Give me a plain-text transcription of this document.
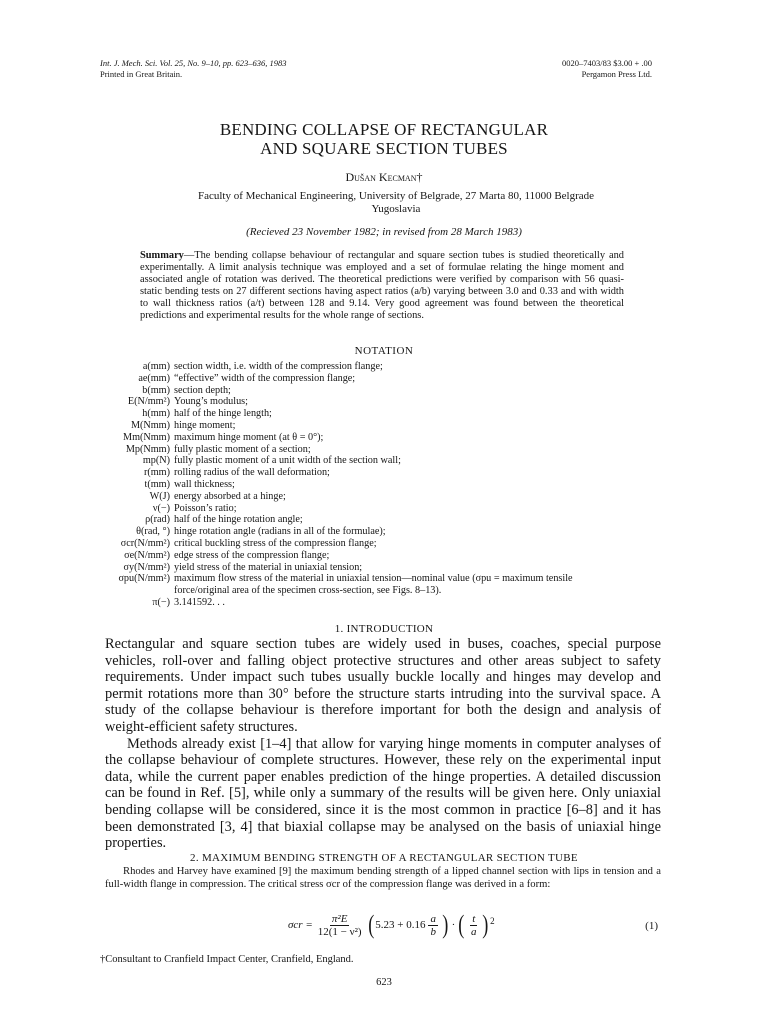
Int. J. Mech. Sci. Vol. 25, No. 9–10, pp. 623–636, 1983
Printed in Great Britain.
0020–7403/83 $3.00 + .00
Pergamon Press Ltd.
BENDING COLLAPSE OF RECTANGULAR
AND SQUARE SECTION TUBES
Dušan Kecman†
Faculty of Mechanical Engineering, University of Belgrade, 27 Marta 80, 11000 Belgrade
Yugoslavia
(Recieved 23 November 1982; in revised from 28 March 1983)
Summary—The bending collapse behaviour of rectangular and square section tubes is studied theoretically and experimentally. A limit analysis technique was employed and a set of formulae relating the hinge moment and associated angle of rotation was derived. The theoretical predictions were verified by comparison with 56 quasi-static bending tests on 27 different sections having aspect ratios (a/b) varying between 3.0 and 0.33 and with width to wall thickness ratios (a/t) between 128 and 9.14. Very good agreement was found between the theoretical predictions and experimental results for the whole range of sections.
NOTATION
a(mm)	section width, i.e. width of the compression flange;
ae(mm)	“effective” width of the compression flange;
b(mm)	section depth;
E(N/mm²)	Young’s modulus;
h(mm)	half of the hinge length;
M(Nmm)	hinge moment;
Mm(Nmm)	maximum hinge moment (at θ = 0°);
Mp(Nmm)	fully plastic moment of a section;
mp(N)	fully plastic moment of a unit width of the section wall;
r(mm)	rolling radius of the wall deformation;
t(mm)	wall thickness;
W(J)	energy absorbed at a hinge;
ν(−)	Poisson’s ratio;
ρ(rad)	half of the hinge rotation angle;
θ(rad, °)	hinge rotation angle (radians in all of the formulae);
σcr(N/mm²)	critical buckling stress of the compression flange;
σe(N/mm²)	edge stress of the compression flange;
σy(N/mm²)	yield stress of the material in uniaxial tension;
σpu(N/mm²)	maximum flow stress of the material in uniaxial tension—nominal value (σpu = maximum tensile force/original area of the specimen cross-section, see Figs. 8–13).
π(−)	3.141592. . .
1. INTRODUCTION

Rectangular and square section tubes are widely used in buses, coaches, special purpose vehicles, roll-over and falling object protective structures and other areas subject to safety requirements. Under impact such tubes usually buckle locally and hinges may develop and permit rotations more than 30° before the structure starts intruding into the survival space. A study of the collapse behaviour is therefore important for both the design and analysis of weight-efficient safety structures.

Methods already exist [1–4] that allow for varying hinge moments in computer analyses of the collapse behaviour of complete structures. However, these rely on the experimental input data, while the current paper enables prediction of the hinge properties. A detailed discussion can be found in Ref. [5], while only a summary of the results will be given here. Only uniaxial bending collapse will be considered, since it is the most common in practice [6–8] and it has been demonstrated [3, 4] that biaxial collapse may be analysed on the basis of uniaxial hinge properties.

2. MAXIMUM BENDING STRENGTH OF A RECTANGULAR SECTION TUBE
Rhodes and Harvey have examined [9] the maximum bending strength of a lipped channel section with lips in tension and a full-width flange in compression. The critical stress σcr of the compression flange was derived in a form:
$\sigma cr = \frac{\text{π²E}}{\text{12(1 − ν²)}}$ ( $5.23 + 0.16 \frac{a}{b}$ ) · ( $\frac{t}{a} )^2$	(1)
†Consultant to Cranfield Impact Center, Cranfield, England.
623
